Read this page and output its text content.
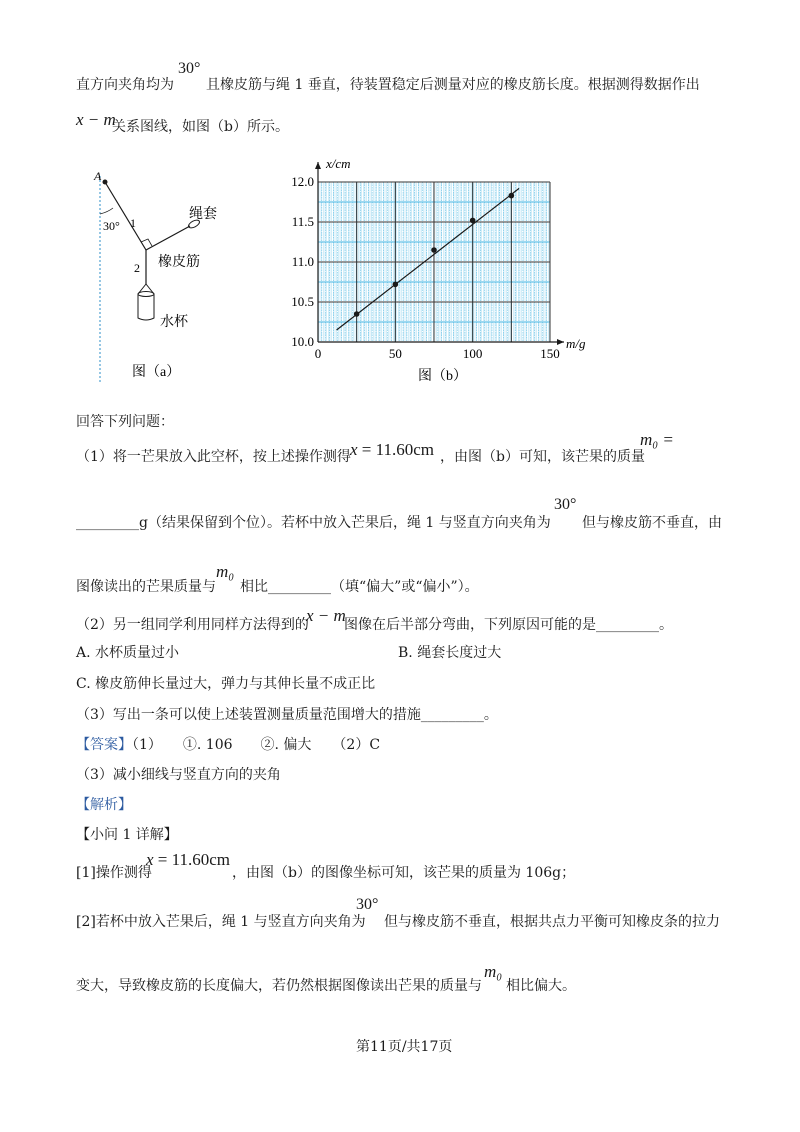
直方向夹角均为
30°
且橡皮筋与绳 1 垂直，待装置稳定后测量对应的橡皮筋长度。根据测得数据作出
x − m
关系图线，如图（b）所示。
A
30° 1
绳套
2 橡皮筋
水杯
图（a）
0	50	100	150
10.0
10.5
11.0
11.5
12.0
x/cm
m/g
图（b）
回答下列问题：
（1）将一芒果放入此空杯，按上述操作测得 x = 11.60cm ，由图（b）可知，该芒果的质量
m₀ =
_________g（结果保留到个位）。若杯中放入芒果后，绳 1 与竖直方向夹角为
30°
但与橡皮筋不垂直，由
图像读出的芒果质量与
m₀
相比_________（填“偏大”或“偏小”）。
（2）另一组同学利用同样方法得到的
x − m
图像在后半部分弯曲，下列原因可能的是_________。
A. 水杯质量过小	B. 绳套长度过大
C. 橡皮筋伸长量过大，弹力与其伸长量不成正比
（3）写出一条可以使上述装置测量质量范围增大的措施_________。
【答案】（1）　　①. 106　　②. 偏大　　（2）C
（3）减小细线与竖直方向的夹角
【解析】
【小问 1 详解】
[1]操作测得
x = 11.60cm
，由图（b）的图像坐标可知，该芒果的质量为 106g；
[2]若杯中放入芒果后，绳 1 与竖直方向夹角为
30°
但与橡皮筋不垂直，根据共点力平衡可知橡皮条的拉力
变大，导致橡皮筋的长度偏大，若仍然根据图像读出芒果的质量与
m₀
相比偏大。
第11页/共17页
